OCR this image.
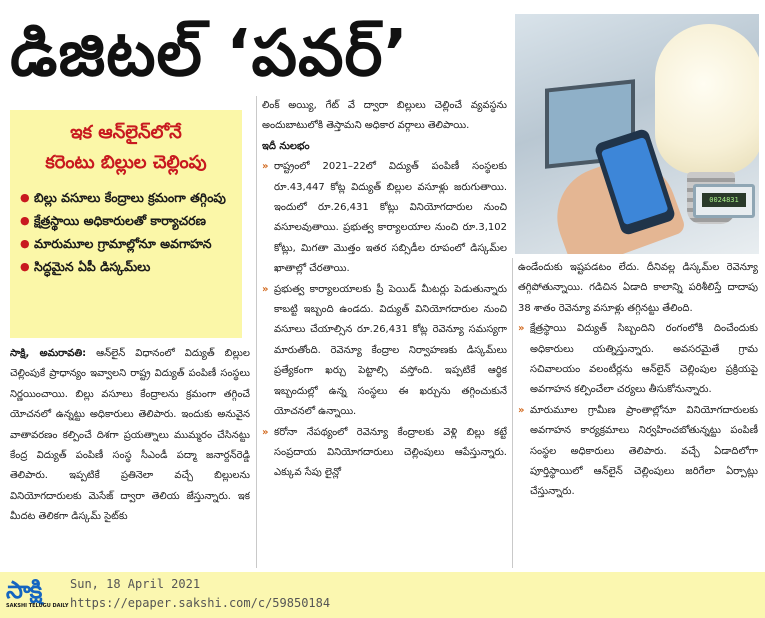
డిజిటల్ ‘పవర్’
0024831
ఇక ఆన్‌లైన్‌లోనే
కరెంటు బిల్లుల చెల్లింపు
● బిల్లు వసూలు కేంద్రాలు క్రమంగా తగ్గింపు
● క్షేత్రస్థాయి అధికారులతో కార్యాచరణ
● మారుమూల గ్రామాల్లోనూ అవగాహన
● సిద్ధమైన ఏపీ డిస్కమ్‌లు

సాక్షి, అమరావతి: ఆన్‌లైన్ విధానంలో విద్యుత్ బిల్లుల చెల్లింపుకే ప్రాధాన్యం ఇవ్వాలని రాష్ట్ర విద్యుత్ పంపిణీ సంస్థలు నిర్ణయించాయి. బిల్లు వసూలు కేంద్రాలను క్రమంగా తగ్గించే యోచనలో ఉన్నట్టు అధికారులు తెలిపారు. ఇందుకు అనువైన వాతావరణం కల్పించే దిశగా ప్రయత్నాలు ముమ్మరం చేసినట్టు కేంద్ర విద్యుత్ పంపిణీ సంస్థ సీఎండీ పద్మా జనార్దన్‌రెడ్డి తెలిపారు. ఇప్పటికే ప్రతినెలా వచ్చే బిల్లులను వినియోగదారులకు మెసేజ్ ద్వారా తెలియ జేస్తున్నారు. ఇక మీదట తెలికగా డిస్కమ్ సైట్‌కు

లింక్ అయ్యి, గేట్ వే ద్వారా బిల్లులు చెల్లించే వ్యవస్థను అందుబాటులోకి తెస్తామని అధికార వర్గాలు తెలిపాయి.

ఇదీ నులభం

» రాష్ట్రంలో 2021–22లో విద్యుత్ పంపిణీ సంస్థలకు రూ.43,447 కోట్ల విద్యుత్ బిల్లుల వసూళ్లు జరుగుతాయి. ఇందులో రూ.26,431 కోట్లు వినియోగదారుల నుంచి వసూలవుతాయి. ప్రభుత్వ కార్యాలయాల నుంచి రూ.3,102 కోట్లు, మిగతా మొత్తం ఇతర సబ్సిడీల రూపంలో డిస్కమ్‌ల ఖాతాల్లో చేరతాయి.

» ప్రభుత్వ కార్యాలయాలకు ప్రీ పెయిడ్ మీటర్లు పెడుతున్నారు కాబట్టి ఇబ్బంది ఉండదు. విద్యుత్ వినియోగదారుల నుంచి వసూలు చేయాల్సిన రూ.26,431 కోట్ల రెవెన్యూ సమస్యగా మారుతోంది. రెవెన్యూ కేంద్రాల నిర్వాహణకు డిస్కమ్‌లు ప్రత్యేకంగా ఖర్చు పెట్టాల్సి వస్తోంది. ఇప్పటికే ఆర్థిక ఇబ్బందుల్లో ఉన్న సంస్థలు ఈ ఖర్చును తగ్గించుకునే యోచనలో ఉన్నాయి.

» కరోనా నేపథ్యంలో రెవెన్యూ కేంద్రాలకు వెళ్లి బిల్లు కట్టే సంప్రదాయ వినియోగదారులు చెల్లింపులు ఆపేస్తున్నారు. ఎక్కువ సేపు లైన్లో

ఉండేందుకు ఇష్టపడటం లేదు. దీనివల్ల డిస్కమ్‌ల రెవెన్యూ తగ్గిపోతున్నాయి. గడిచిన ఏడాది కాలాన్ని పరిశీలిస్తే దాదాపు 38 శాతం రెవెన్యూ వసూళ్లు తగ్గినట్టు తేలింది.

» క్షేత్రస్థాయి విద్యుత్ సిబ్బందిని రంగంలోకి దించేందుకు అధికారులు యత్నిస్తున్నారు. అవసరమైతే గ్రామ సచివాలయం వలంటీర్లను ఆన్‌లైన్ చెల్లింపుల ప్రక్రియపై అవగాహన కల్పించేలా చర్యలు తీసుకోనున్నారు.

» మారుమూల గ్రామీణ ప్రాంతాల్లోనూ వినియోగదారులకు అవగాహన కార్యక్రమాలు నిర్వహించబోతున్నట్టు పంపిణీ సంస్థల అధికారులు తెలిపారు. వచ్చే ఏడాదిలోగా పూర్తిస్థాయిలో ఆన్‌లైన్ చెల్లింపులు జరిగేలా ఏర్పాట్లు చేస్తున్నారు.

సాక్షి
SAKSHI TELUGU DAILY
Sun, 18 April 2021
https://epaper.sakshi.com/c/59850184
